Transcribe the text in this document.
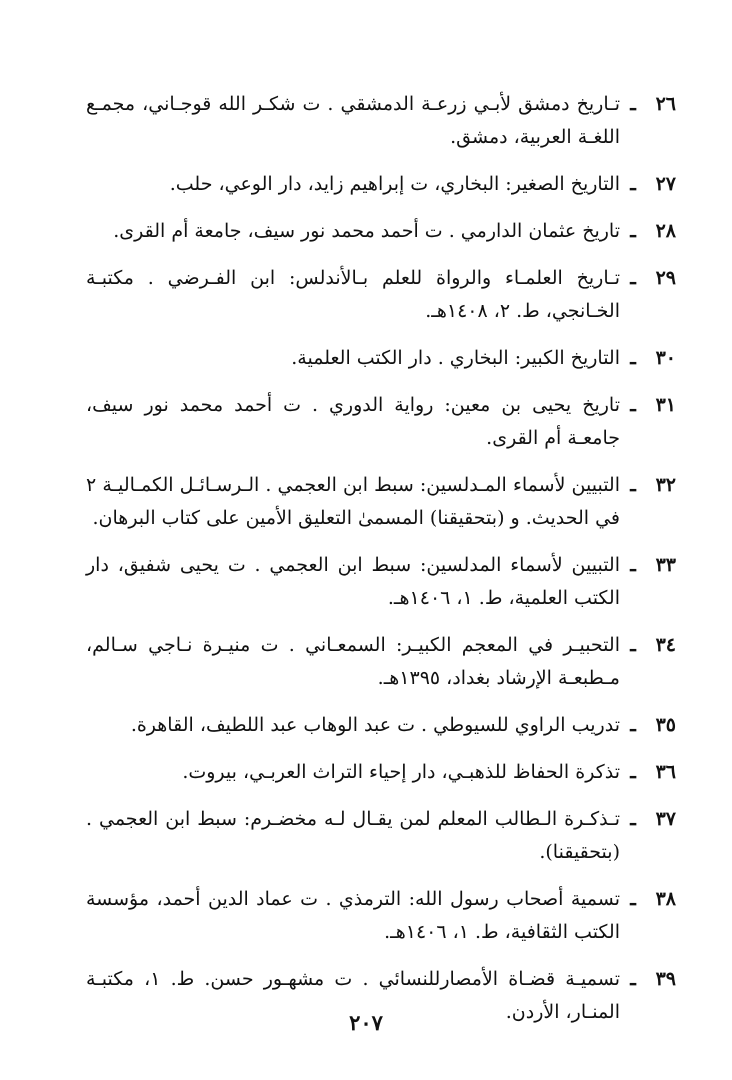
٢٦
ـ
تـاريخ دمشق لأبـي زرعـة الدمشقي . ت شكـر الله قوجـاني، مجمـع اللغـة العربية، دمشق.
٢٧
ـ
التاريخ الصغير: البخاري، ت إبراهيم زايد، دار الوعي، حلب.
٢٨
ـ
تاريخ عثمان الدارمي . ت أحمد محمد نور سيف، جامعة أم القرى.
٢٩
ـ
تـاريخ العلمـاء والرواة للعلم بـالأندلس: ابن الفـرضي . مكتبـة الخـانجي، ط. ٢، ١٤٠٨هـ.
٣٠
ـ
التاريخ الكبير: البخاري . دار الكتب العلمية.
٣١
ـ
تاريخ يحيى بن معين: رواية الدوري . ت أحمد محمد نور سيف، جامعـة أم القرى.
٣٢
ـ
التبيين لأسماء المـدلسين: سبط ابن العجمي . الـرسـائـل الكمـاليـة ٢ في الحديث. و (بتحقيقنا) المسمىٰ التعليق الأمين على كتاب البرهان.
٣٣
ـ
التبيين لأسماء المدلسين: سبط ابن العجمي . ت يحيى شفيق، دار الكتب العلمية، ط. ١، ١٤٠٦هـ.
٣٤
ـ
التحبيـر في المعجم الكبيـر: السمعـاني . ت منيـرة نـاجي سـالم، مـطبعـة الإرشاد بغداد، ١٣٩٥هـ.
٣٥
ـ
تدريب الراوي للسيوطي . ت عبد الوهاب عبد اللطيف، القاهرة.
٣٦
ـ
تذكرة الحفاظ للذهبـي، دار إحياء التراث العربـي، بيروت.
٣٧
ـ
تـذكـرة الـطالب المعلم لمن يقـال لـه مخضـرم: سبط ابن العجمي . (بتحقيقنا).
٣٨
ـ
تسمية أصحاب رسول الله: الترمذي . ت عماد الدين أحمد، مؤسسة الكتب الثقافية، ط. ١، ١٤٠٦هـ.
٣٩
ـ
تسميـة قضـاة الأمصارللنسائي . ت مشهـور حسن. ط. ١، مكتبـة المنـار، الأردن.
٢٠٧
